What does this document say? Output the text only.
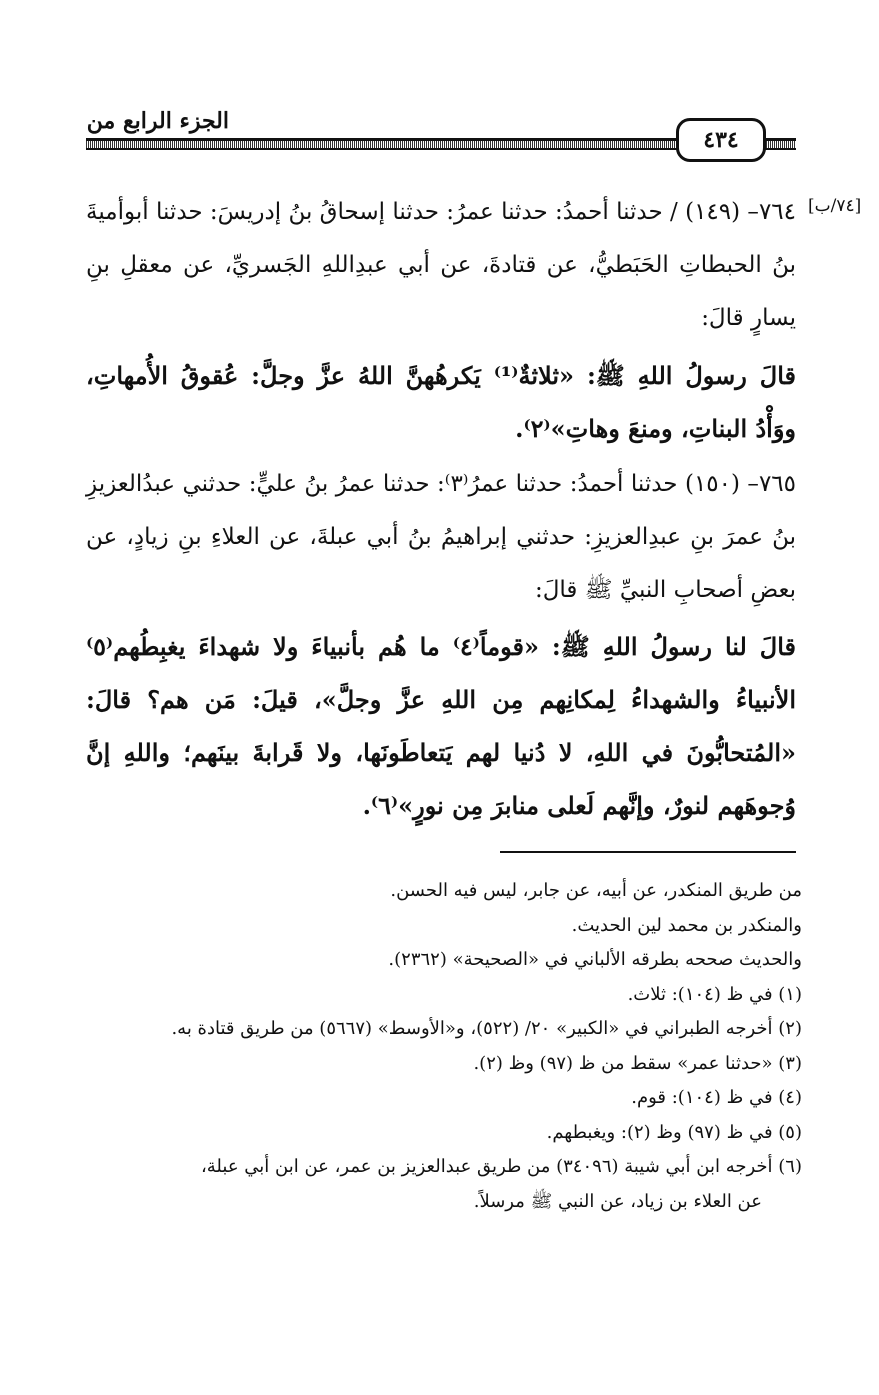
الجزء الرابع من
٤٣٤
[٧٤/ب]

٧٦٤– (١٤٩) / حدثنا أحمدُ: حدثنا عمرُ: حدثنا إسحاقُ بنُ إدريسَ: حدثنا أبوأميةَ بنُ الحبطاتِ الحَبَطيُّ، عن قتادةَ، عن أبي عبدِاللهِ الجَسريِّ، عن معقلِ بنِ يسارٍ قالَ:

قالَ رسولُ اللهِ ﷺ: «ثلاثةٌ⁽¹⁾ يَكرهُهنَّ اللهُ عزَّ وجلَّ: عُقوقُ الأُمهاتِ، ووَأْدُ البناتِ، ومنعَ وهاتِ»⁽٢⁾.

٧٦٥– (١٥٠) حدثنا أحمدُ: حدثنا عمرُ⁽٣⁾: حدثنا عمرُ بنُ عليٍّ: حدثني عبدُالعزيزِ بنُ عمرَ بنِ عبدِالعزيزِ: حدثني إبراهيمُ بنُ أبي عبلةَ، عن العلاءِ بنِ زيادٍ، عن بعضِ أصحابِ النبيِّ ﷺ قالَ:

قالَ لنا رسولُ اللهِ ﷺ: «قوماً⁽٤⁾ ما هُم بأنبياءَ ولا شهداءَ يغبِطُهم⁽٥⁾ الأنبياءُ والشهداءُ لِمكانِهم مِن اللهِ عزَّ وجلَّ»، قيلَ: مَن هم؟ قالَ: «المُتحابُّونَ في اللهِ، لا دُنيا لهم يَتعاطَونَها، ولا قَرابةَ بينَهم؛ واللهِ إنَّ وُجوهَهم لنورٌ، وإنَّهم لَعلى منابرَ مِن نورٍ»⁽٦⁾.

من طريق المنكدر، عن أبيه، عن جابر، ليس فيه الحسن.
والمنكدر بن محمد لين الحديث.
والحديث صححه بطرقه الألباني في «الصحيحة» (٢٣٦٢).
(١) في ظ (١٠٤): ثلاث.
(٢) أخرجه الطبراني في «الكبير» ٢٠/ (٥٢٢)، و«الأوسط» (٥٦٦٧) من طريق قتادة به.
(٣) «حدثنا عمر» سقط من ظ (٩٧) وظ (٢).
(٤) في ظ (١٠٤): قوم.
(٥) في ظ (٩٧) وظ (٢): ويغبطهم.
(٦) أخرجه ابن أبي شيبة (٣٤٠٩٦) من طريق عبدالعزيز بن عمر، عن ابن أبي عبلة،
عن العلاء بن زياد، عن النبي ﷺ مرسلاً.
